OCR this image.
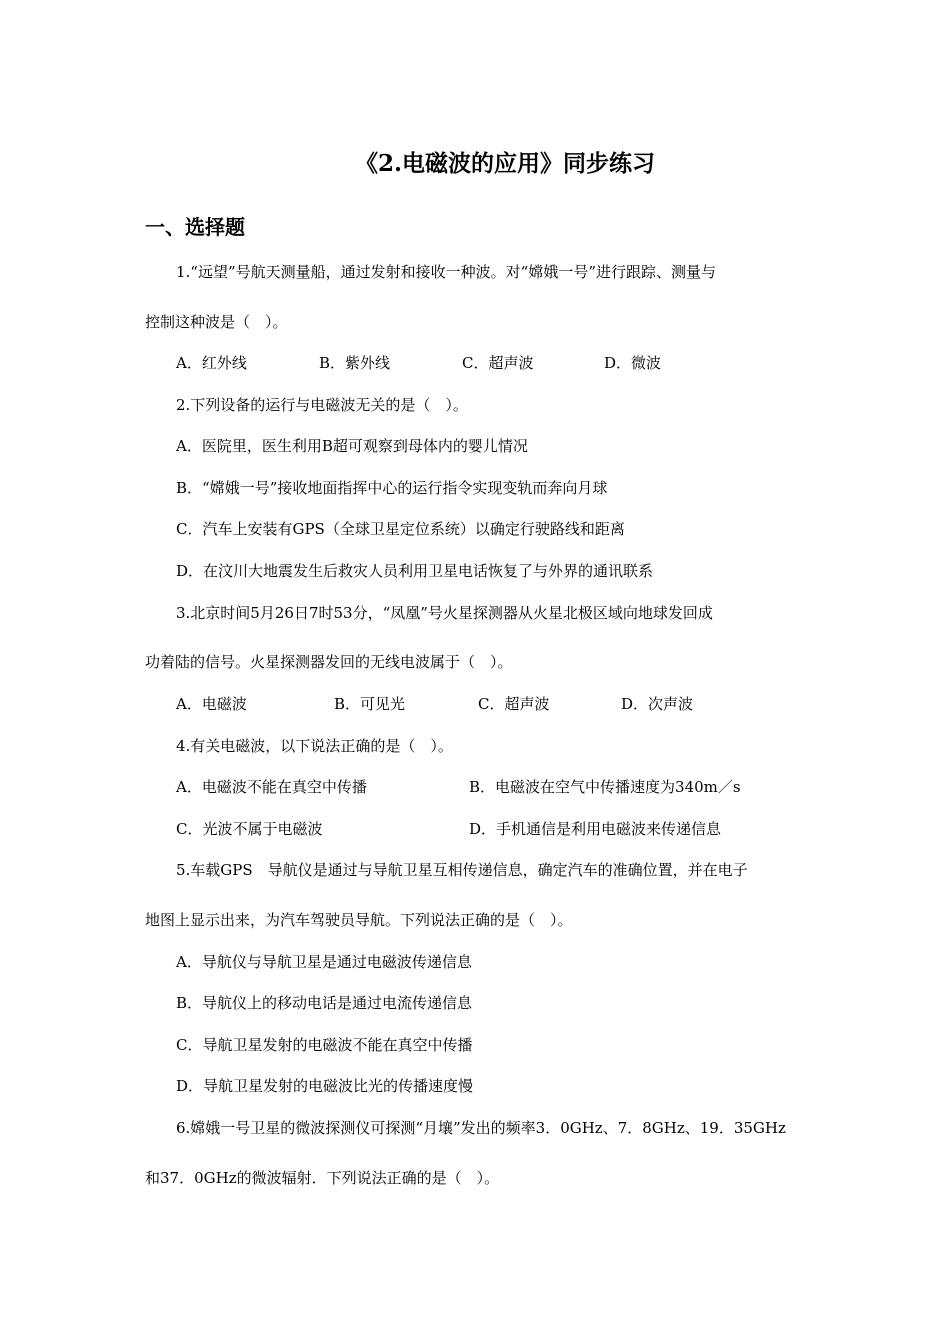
《2.电磁波的应用》同步练习
一、选择题
1.“远望”号航天测量船，通过发射和接收一种波。对“嫦娥一号”进行跟踪、测量与
控制这种波是（　）。
A．红外线	B．紫外线	C．超声波	D．微波
2.下列设备的运行与电磁波无关的是（　）。
A．医院里，医生利用B超可观察到母体内的婴儿情况
B．“嫦娥一号”接收地面指挥中心的运行指令实现变轨而奔向月球
C．汽车上安装有GPS（全球卫星定位系统）以确定行驶路线和距离
D．在汶川大地震发生后救灾人员利用卫星电话恢复了与外界的通讯联系
3.北京时间5月26日7时53分，“凤凰”号火星探测器从火星北极区域向地球发回成
功着陆的信号。火星探测器发回的无线电波属于（　）。
A．电磁波	B．可见光	C．超声波	D．次声波
4.有关电磁波，以下说法正确的是（　）。
A．电磁波不能在真空中传播	B．电磁波在空气中传播速度为340m／s
C．光波不属于电磁波	D．手机通信是利用电磁波来传递信息
5.车载GPS　导航仪是通过与导航卫星互相传递信息，确定汽车的准确位置，并在电子
地图上显示出来，为汽车驾驶员导航。下列说法正确的是（　）。
A．导航仪与导航卫星是通过电磁波传递信息
B．导航仪上的移动电话是通过电流传递信息
C．导航卫星发射的电磁波不能在真空中传播
D．导航卫星发射的电磁波比光的传播速度慢
6.嫦娥一号卫星的微波探测仪可探测“月壤”发出的频率3．0GHz、7．8GHz、19．35GHz
和37．0GHz的微波辐射．下列说法正确的是（　）。
